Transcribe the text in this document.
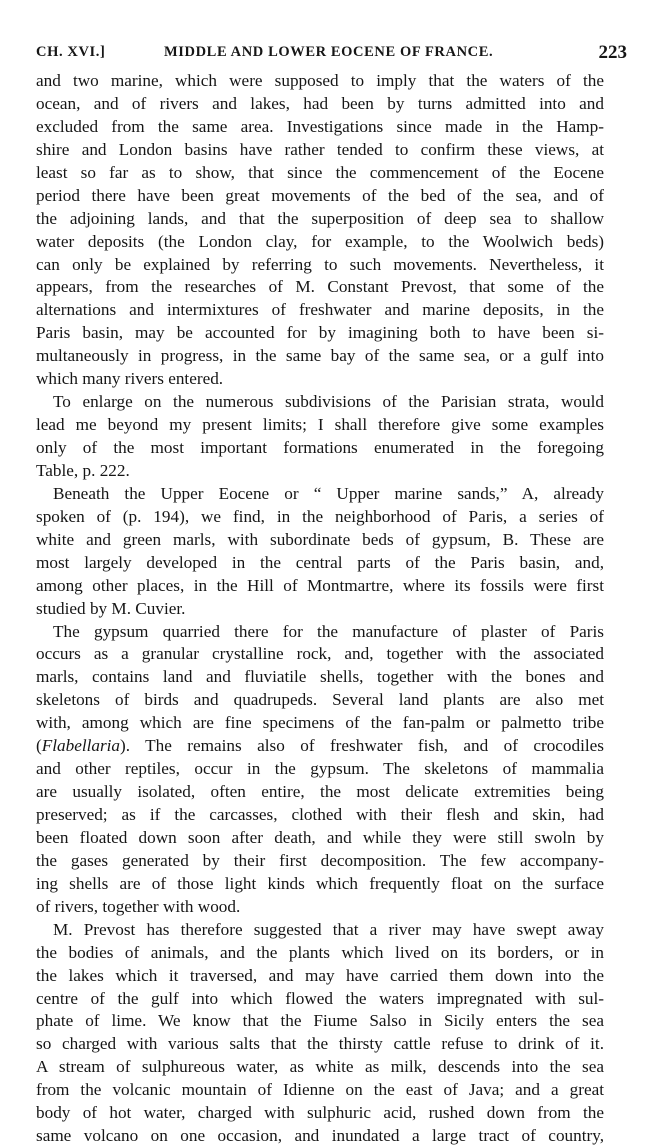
CH. XVI.]	MIDDLE AND LOWER EOCENE OF FRANCE.	223
and two marine, which were supposed to imply that the waters of the
ocean, and of rivers and lakes, had been by turns admitted into and
excluded from the same area. Investigations since made in the Hamp-
shire and London basins have rather tended to confirm these views, at
least so far as to show, that since the commencement of the Eocene
period there have been great movements of the bed of the sea, and of
the adjoining lands, and that the superposition of deep sea to shallow
water deposits (the London clay, for example, to the Woolwich beds)
can only be explained by referring to such movements. Nevertheless, it
appears, from the researches of M. Constant Prevost, that some of the
alternations and intermixtures of freshwater and marine deposits, in the
Paris basin, may be accounted for by imagining both to have been si-
multaneously in progress, in the same bay of the same sea, or a gulf into
which many rivers entered.
To enlarge on the numerous subdivisions of the Parisian strata, would
lead me beyond my present limits; I shall therefore give some examples
only of the most important formations enumerated in the foregoing
Table, p. 222.
Beneath the Upper Eocene or “ Upper marine sands,” A, already
spoken of (p. 194), we find, in the neighborhood of Paris, a series of
white and green marls, with subordinate beds of gypsum, B. These are
most largely developed in the central parts of the Paris basin, and,
among other places, in the Hill of Montmartre, where its fossils were first
studied by M. Cuvier.
The gypsum quarried there for the manufacture of plaster of Paris
occurs as a granular crystalline rock, and, together with the associated
marls, contains land and fluviatile shells, together with the bones and
skeletons of birds and quadrupeds. Several land plants are also met
with, among which are fine specimens of the fan-palm or palmetto tribe
(Flabellaria). The remains also of freshwater fish, and of crocodiles
and other reptiles, occur in the gypsum. The skeletons of mammalia
are usually isolated, often entire, the most delicate extremities being
preserved; as if the carcasses, clothed with their flesh and skin, had
been floated down soon after death, and while they were still swoln by
the gases generated by their first decomposition. The few accompany-
ing shells are of those light kinds which frequently float on the surface
of rivers, together with wood.
M. Prevost has therefore suggested that a river may have swept away
the bodies of animals, and the plants which lived on its borders, or in
the lakes which it traversed, and may have carried them down into the
centre of the gulf into which flowed the waters impregnated with sul-
phate of lime. We know that the Fiume Salso in Sicily enters the sea
so charged with various salts that the thirsty cattle refuse to drink of it.
A stream of sulphureous water, as white as milk, descends into the sea
from the volcanic mountain of Idienne on the east of Java; and a great
body of hot water, charged with sulphuric acid, rushed down from the
same volcano on one occasion, and inundated a large tract of country,
